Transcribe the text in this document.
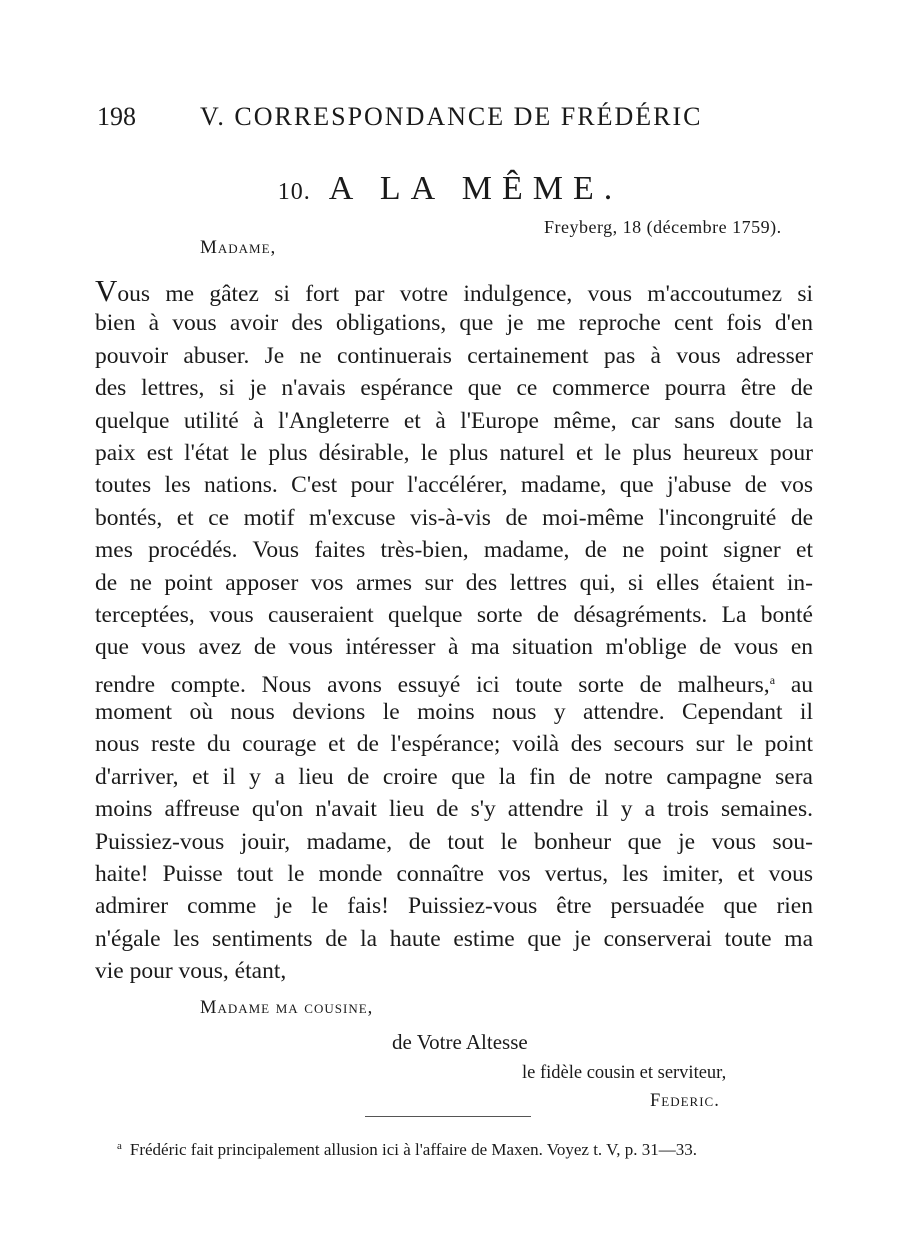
198 V. CORRESPONDANCE DE FRÉDÉRIC
10. A LA MÊME.
Freyberg, 18 (décembre 1759).
Madame,
Vous me gâtez si fort par votre indulgence, vous m'accoutumez si
bien à vous avoir des obligations, que je me reproche cent fois d'en
pouvoir abuser. Je ne continuerais certainement pas à vous adresser
des lettres, si je n'avais espérance que ce commerce pourra être de
quelque utilité à l'Angleterre et à l'Europe même, car sans doute la
paix est l'état le plus désirable, le plus naturel et le plus heureux pour
toutes les nations. C'est pour l'accélérer, madame, que j'abuse de vos
bontés, et ce motif m'excuse vis-à-vis de moi-même l'incongruité de
mes procédés. Vous faites très-bien, madame, de ne point signer et
de ne point apposer vos armes sur des lettres qui, si elles étaient in-
terceptées, vous causeraient quelque sorte de désagréments. La bonté
que vous avez de vous intéresser à ma situation m'oblige de vous en
rendre compte. Nous avons essuyé ici toute sorte de malheurs,$^a$ au
moment où nous devions le moins nous y attendre. Cependant il
nous reste du courage et de l'espérance; voilà des secours sur le point
d'arriver, et il y a lieu de croire que la fin de notre campagne sera
moins affreuse qu'on n'avait lieu de s'y attendre il y a trois semaines.
Puissiez-vous jouir, madame, de tout le bonheur que je vous sou-
haite! Puisse tout le monde connaître vos vertus, les imiter, et vous
admirer comme je le fais! Puissiez-vous être persuadée que rien
n'égale les sentiments de la haute estime que je conserverai toute ma
vie pour vous, étant,
Madame ma cousine,
de Votre Altesse
le fidèle cousin et serviteur,
Federic.
$^a$ Frédéric fait principalement allusion ici à l'affaire de Maxen. Voyez t. V, p. 31—33.
